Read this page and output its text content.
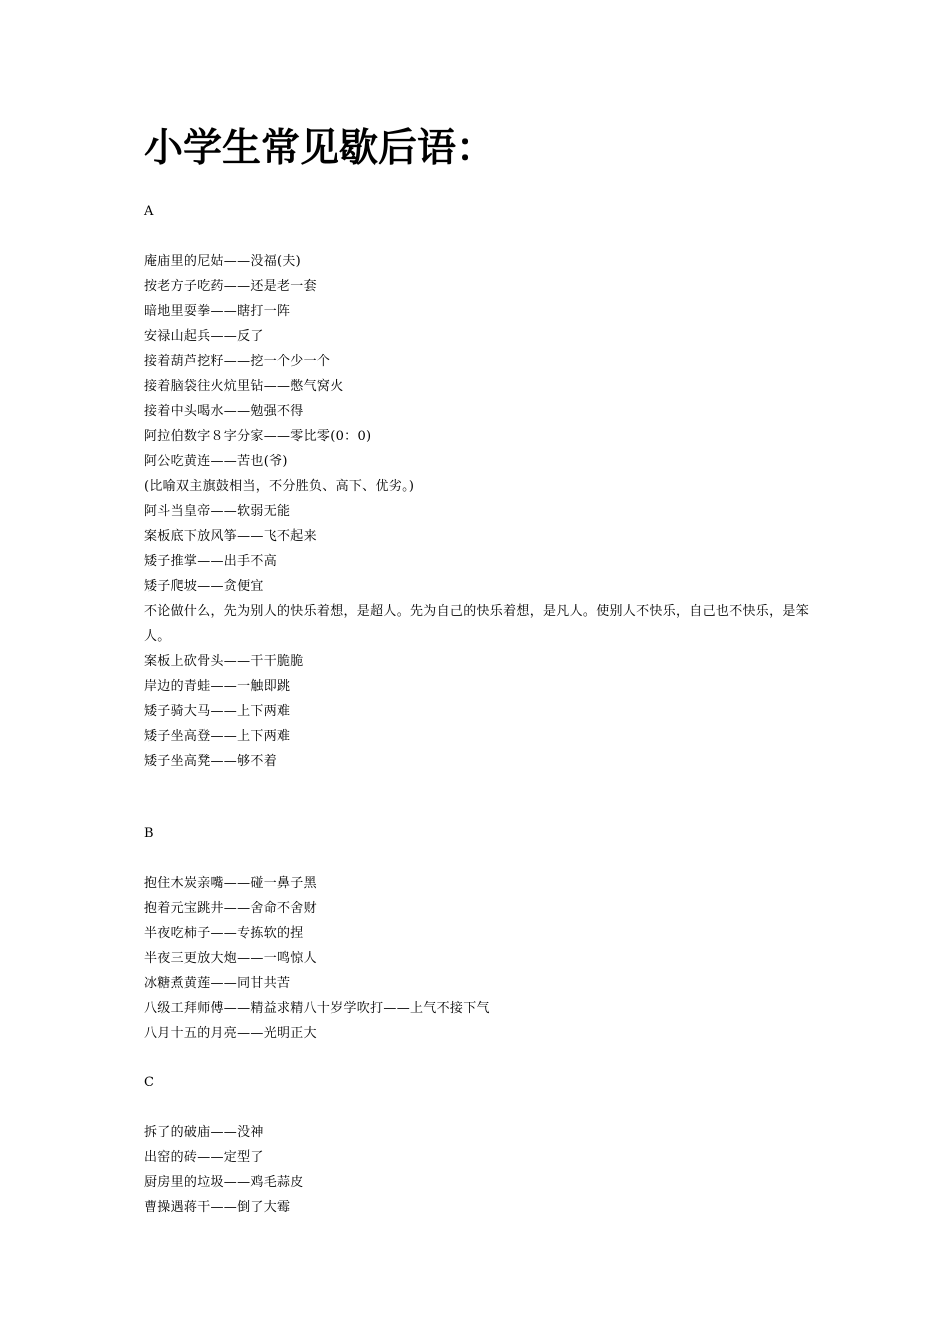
小学生常见歇后语：
A
庵庙里的尼姑——没福(夫)
按老方子吃药——还是老一套
暗地里耍拳——瞎打一阵
安禄山起兵——反了
接着葫芦挖籽——挖一个少一个
接着脑袋往火炕里钻——憋气窝火
接着中头喝水——勉强不得
阿拉伯数字８字分家——零比零(0：0)
阿公吃黄连——苦也(爷)
(比喻双主旗鼓相当，不分胜负、高下、优劣。)
阿斗当皇帝——软弱无能
案板底下放风筝——飞不起来
矮子推掌——出手不高
矮子爬坡——贪便宜
不论做什么，先为别人的快乐着想，是超人。先为自己的快乐着想，是凡人。使别人不快乐，自己也不快乐，是笨人。
案板上砍骨头——干干脆脆
岸边的青蛙——一触即跳
矮子骑大马——上下两难
矮子坐高登——上下两难
矮子坐高凳——够不着
B
抱住木炭亲嘴——碰一鼻子黑
抱着元宝跳井——舍命不舍财
半夜吃柿子——专拣软的捏
半夜三更放大炮——一鸣惊人
冰糖煮黄莲——同甘共苦
八级工拜师傅——精益求精八十岁学吹打——上气不接下气
八月十五的月亮——光明正大
C
拆了的破庙——没神
出窑的砖——定型了
厨房里的垃圾——鸡毛蒜皮
曹操遇蒋干——倒了大霉
